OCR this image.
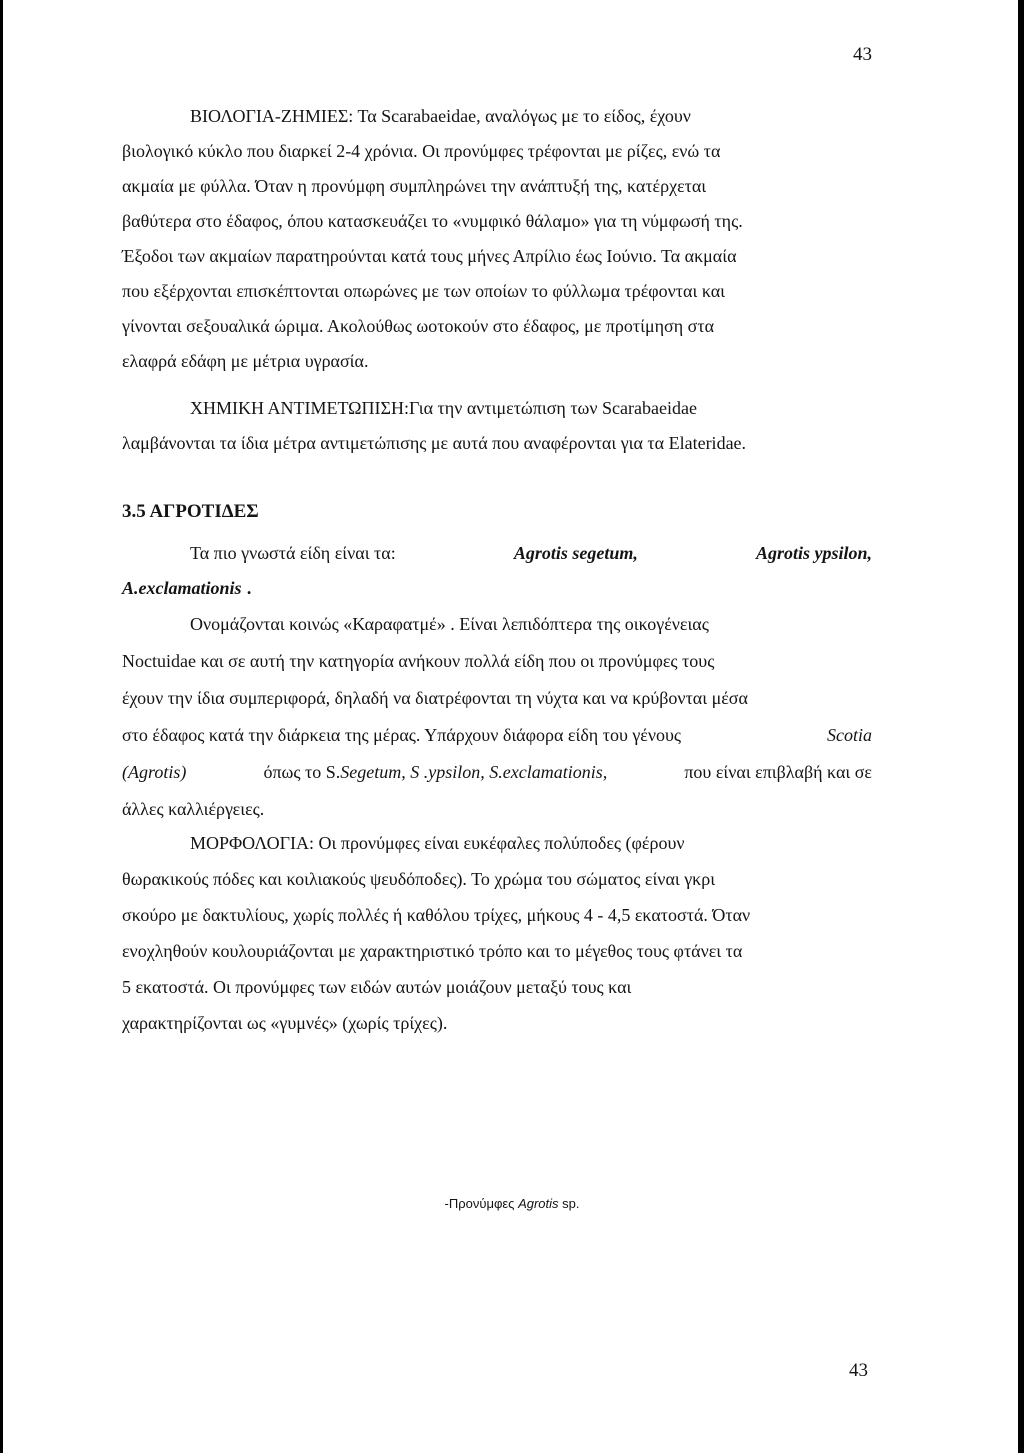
43
ΒΙΟΛΟΓΙΑ-ΖΗΜΙΕΣ: Τα Scarabaeidae, αναλόγως με το είδος, έχουν
βιολογικό κύκλο που διαρκεί 2-4 χρόνια. Οι προνύμφες τρέφονται με ρίζες, ενώ τα
ακμαία με φύλλα. Όταν η προνύμφη συμπληρώνει την ανάπτυξή της, κατέρχεται
βαθύτερα στο έδαφος, όπου κατασκευάζει το «νυμφικό θάλαμο» για τη νύμφωσή της.
Έξοδοι των ακμαίων παρατηρούνται κατά τους μήνες Απρίλιο έως Ιούνιο. Τα ακμαία
που εξέρχονται επισκέπτονται οπωρώνες με των οποίων το φύλλωμα τρέφονται και
γίνονται σεξουαλικά ώριμα. Ακολούθως ωοτοκούν στο έδαφος, με προτίμηση στα
ελαφρά εδάφη με μέτρια υγρασία.
ΧΗΜΙΚΗ ΑΝΤΙΜΕΤΩΠΙΣΗ:Για την αντιμετώπιση των Scarabaeidae
λαμβάνονται τα ίδια μέτρα αντιμετώπισης με αυτά που αναφέρονται για τα Elateridae.
3.5 ΑΓΡΟΤΙΔΕΣ
Τα πιο γνωστά είδη είναι τα:	Agrotis segetum,	Agrotis ypsilon,
A.exclamationis .
Ονομάζονται κοινώς «Καραφατμέ» . Είναι λεπιδόπτερα της οικογένειας
Noctuidae και σε αυτή την κατηγορία ανήκουν πολλά είδη που οι προνύμφες τους
έχουν την ίδια συμπεριφορά, δηλαδή να διατρέφονται τη νύχτα και να κρύβονται μέσα
στο έδαφος κατά την διάρκεια της μέρας. Υπάρχουν διάφορα είδη του γένους	Scotia
(Agrotis)	όπως το S.Segetum, S .ypsilon, S.exclamationis,	που είναι επιβλαβή και σε
άλλες καλλιέργειες.
ΜΟΡΦΟΛΟΓΙΑ: Οι προνύμφες είναι ευκέφαλες πολύποδες (φέρουν
θωρακικούς πόδες και κοιλιακούς ψευδόποδες). Το χρώμα του σώματος είναι γκρι
σκούρο με δακτυλίους, χωρίς πολλές ή καθόλου τρίχες, μήκους 4 - 4,5 εκατοστά. Όταν
ενοχληθούν κουλουριάζονται με χαρακτηριστικό τρόπο και το μέγεθος τους φτάνει τα
5 εκατοστά. Οι προνύμφες των ειδών αυτών μοιάζουν μεταξύ τους και
χαρακτηρίζονται ως «γυμνές» (χωρίς τρίχες).
-Προνύμφες Agrotis sp.
43
